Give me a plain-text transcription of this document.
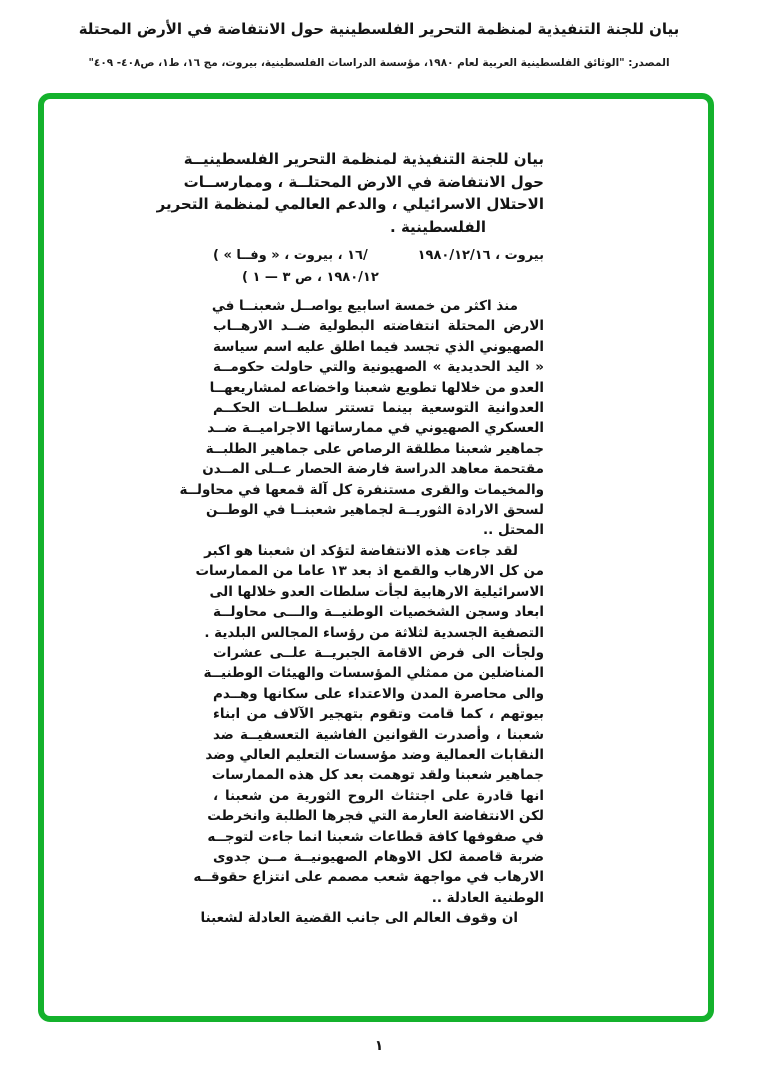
بيان للجنة التنفيذية لمنظمة التحرير الفلسطينية حول الانتفاضة في الأرض المحتلة
المصدر: "الوثائق الفلسطينية العربية لعام ١٩٨٠، مؤسسة الدراسات الفلسطينية، بيروت، مج ١٦، ط١، ص٤٠٨- ٤٠٩"
بيان للجنة التنفيذية لمنظمة التحرير الفلسطينيــة
حول الانتفاضة في الارض المحتلــة ، وممارســات
الاحتلال الاسرائيلي ، والدعم العالمي لمنظمة التحرير
الفلسطينية .
( « وفــا » ، بيروت ، ١٦/	بيروت ، ١٩٨٠/١٢/١٦
( ٣ — ١ ص ، ١٩٨٠/١٢
منذ اكثر من خمسة اسابيع يواصــل شعبنــا في
الارض المحتلة انتفاضته البطولية ضــد الارهــاب
الصهيوني الذي تجسد فيما اطلق عليه اسم سياسة
« اليد الحديدية » الصهيونية والتي حاولت حكومــة
العدو من خلالها تطويع شعبنا واخضاعه لمشاريعهــا
العدوانية التوسعية بينما تستتر سلطــات الحكــم
العسكري الصهيوني في ممارساتها الاجراميــة ضــد
جماهير شعبنا مطلقة الرصاص على جماهير الطلبــة
مقتحمة معاهد الدراسة فارضة الحصار عــلى المــدن
والمخيمات والقرى مستنفرة كل آلة قمعها في محاولــة
لسحق الارادة الثوريــة لجماهير شعبنــا في الوطــن
المحتل ..
لقد جاءت هذه الانتفاضة لتؤكد ان شعبنا هو اكبر
من كل الارهاب والقمع اذ بعد ١٣ عاما من الممارسات
الاسرائيلية الارهابية لجأت سلطات العدو خلالها الى
ابعاد وسجن الشخصيات الوطنيــة والـــى محاولــة
التصفية الجسدية لثلاثة من رؤساء المجالس البلدية .
ولجأت الى فرض الاقامة الجبريــة علــى عشرات
المناضلين من ممثلي المؤسسات والهيئات الوطنيــة
والى محاصرة المدن والاعتداء على سكانها وهــدم
بيوتهم ، كما قامت وتقوم بتهجير الآلاف من ابناء
شعبنا ، وأصدرت القوانين الفاشية التعسفيــة ضد
النقابات العمالية وضد مؤسسات التعليم العالي وضد
جماهير شعبنا ولقد توهمت بعد كل هذه الممارسات
انها قادرة على اجتثاث الروح الثورية من شعبنا ،
لكن الانتفاضة العارمة التي فجرها الطلبة وانخرطت
في صفوفها كافة قطاعات شعبنا انما جاءت لتوجــه
ضربة قاصمة لكل الاوهام الصهيونيــة مــن جدوى
الارهاب في مواجهة شعب مصمم على انتزاع حقوقــه
الوطنية العادلة ..
ان وقوف العالم الى جانب القضية العادلة لشعبنا
١
